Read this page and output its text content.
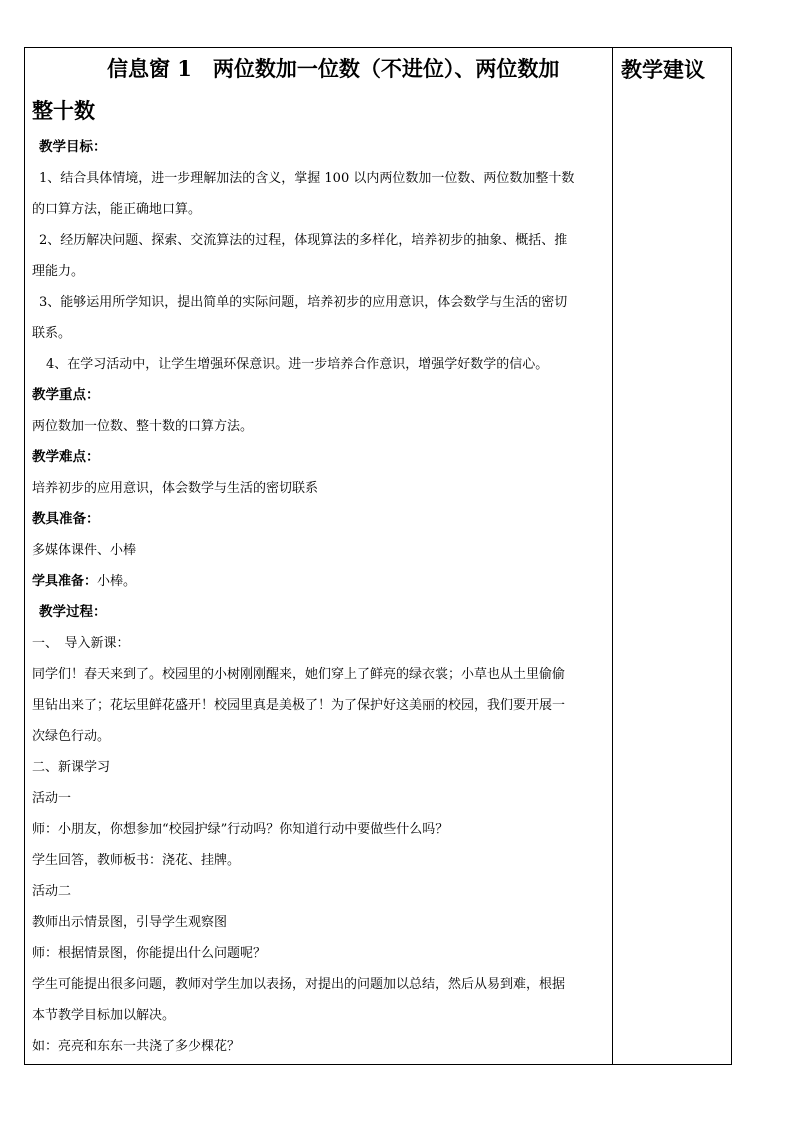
信息窗 1　两位数加一位数（不进位）、两位数加
整十数

教学目标：

1、结合具体情境，进一步理解加法的含义，掌握 100 以内两位数加一位数、两位数加整十数

的口算方法，能正确地口算。

2、经历解决问题、探索、交流算法的过程，体现算法的多样化，培养初步的抽象、概括、推

理能力。

3、能够运用所学知识，提出简单的实际问题，培养初步的应用意识，体会数学与生活的密切

联系。

4、在学习活动中，让学生增强环保意识。进一步培养合作意识，增强学好数学的信心。

教学重点：

两位数加一位数、整十数的口算方法。

教学难点：

培养初步的应用意识，体会数学与生活的密切联系

教具准备：

多媒体课件、小棒

学具准备：小棒。

教学过程：

一、　导入新课：

同学们！春天来到了。校园里的小树刚刚醒来，她们穿上了鲜亮的绿衣裳；小草也从土里偷偷

里钻出来了；花坛里鲜花盛开！校园里真是美极了！为了保护好这美丽的校园，我们要开展一

次绿色行动。

二、新课学习

活动一

师：小朋友，你想参加“校园护绿”行动吗？你知道行动中要做些什么吗？

学生回答，教师板书：浇花、挂牌。

活动二

教师出示情景图，引导学生观察图

师：根据情景图，你能提出什么问题呢？

学生可能提出很多问题，教师对学生加以表扬，对提出的问题加以总结，然后从易到难，根据

本节教学目标加以解决。

如：亮亮和东东一共浇了多少棵花？

教学建议
